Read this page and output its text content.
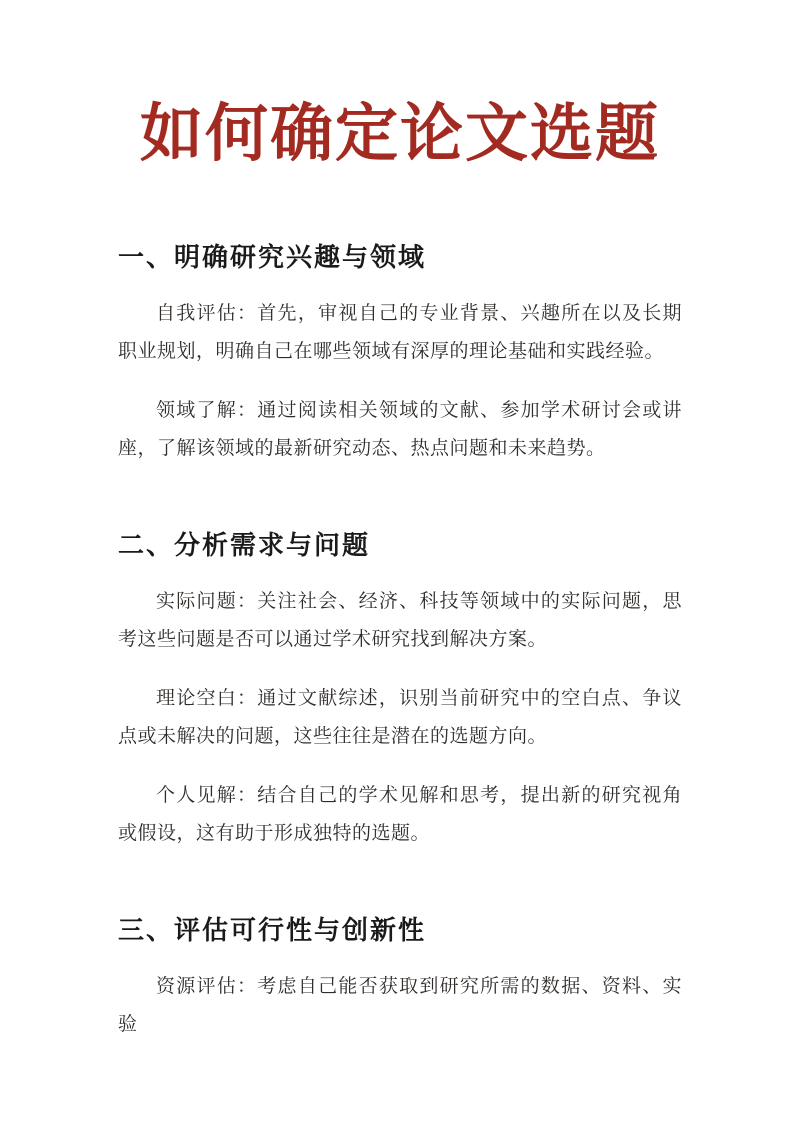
如何确定论文选题
一、明确研究兴趣与领域

自我评估：首先，审视自己的专业背景、兴趣所在以及长期职业规划，明确自己在哪些领域有深厚的理论基础和实践经验。

领域了解：通过阅读相关领域的文献、参加学术研讨会或讲座，了解该领域的最新研究动态、热点问题和未来趋势。

二、分析需求与问题

实际问题：关注社会、经济、科技等领域中的实际问题，思考这些问题是否可以通过学术研究找到解决方案。

理论空白：通过文献综述，识别当前研究中的空白点、争议点或未解决的问题，这些往往是潜在的选题方向。

个人见解：结合自己的学术见解和思考，提出新的研究视角或假设，这有助于形成独特的选题。

三、评估可行性与创新性

资源评估：考虑自己能否获取到研究所需的数据、资料、实验
